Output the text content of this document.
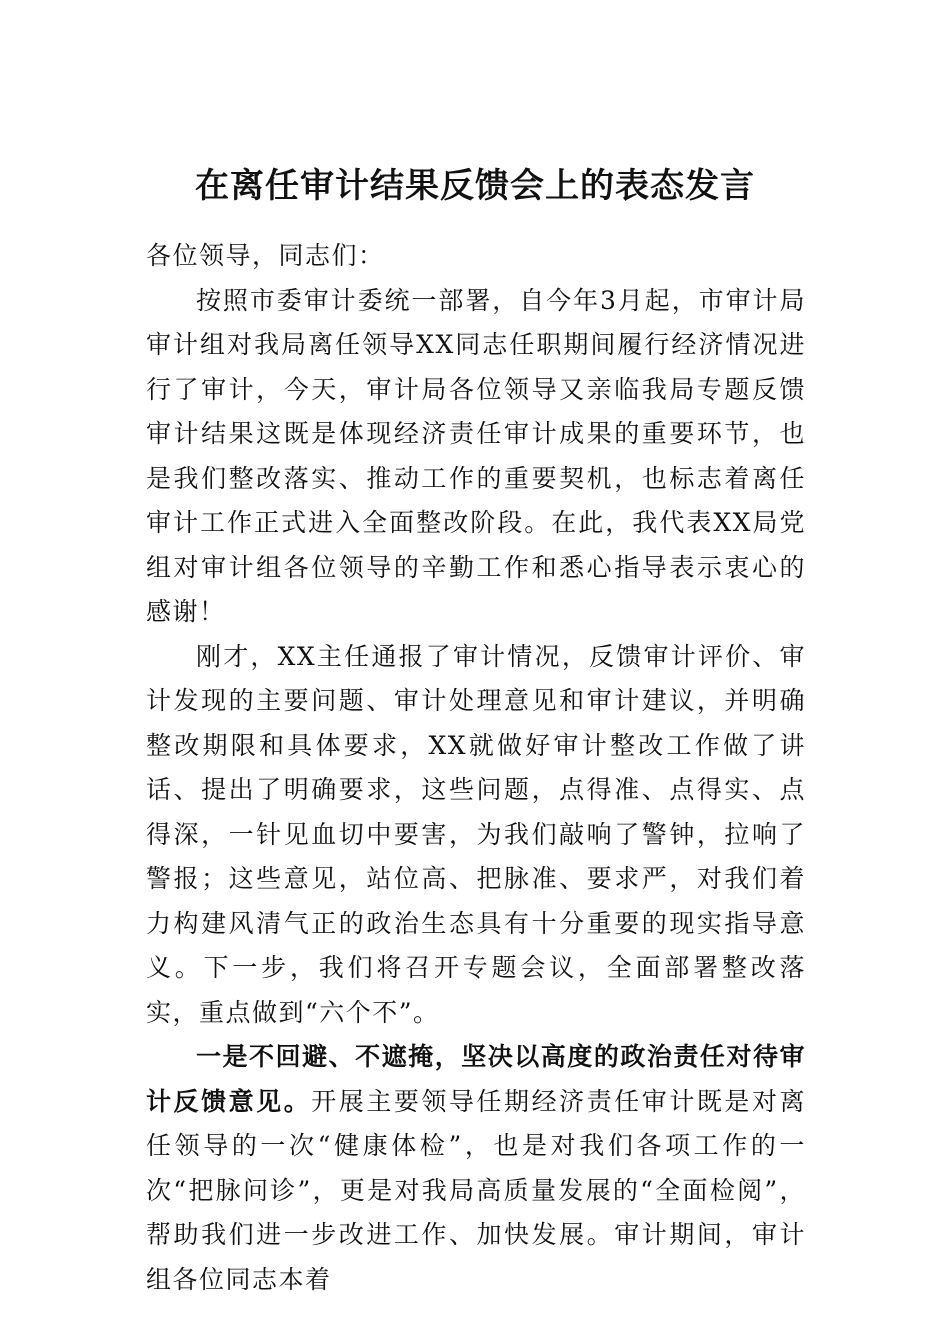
在离任审计结果反馈会上的表态发言

各位领导，同志们：

按照市委审计委统一部署，自今年3月起，市审计局审计组对我局离任领导XX同志任职期间履行经济情况进行了审计，今天，审计局各位领导又亲临我局专题反馈审计结果这既是体现经济责任审计成果的重要环节，也是我们整改落实、推动工作的重要契机，也标志着离任审计工作正式进入全面整改阶段。在此，我代表XX局党组对审计组各位领导的辛勤工作和悉心指导表示衷心的感谢！

刚才，XX主任通报了审计情况，反馈审计评价、审计发现的主要问题、审计处理意见和审计建议，并明确整改期限和具体要求，XX就做好审计整改工作做了讲话、提出了明确要求，这些问题，点得准、点得实、点得深，一针见血切中要害，为我们敲响了警钟，拉响了警报；这些意见，站位高、把脉准、要求严，对我们着力构建风清气正的政治生态具有十分重要的现实指导意义。下一步，我们将召开专题会议，全面部署整改落实，重点做到“六个不”。

一是不回避、不遮掩，坚决以高度的政治责任对待审计反馈意见。开展主要领导任期经济责任审计既是对离任领导的一次“健康体检”，也是对我们各项工作的一次“把脉问诊”，更是对我局高质量发展的“全面检阅”，帮助我们进一步改进工作、加快发展。审计期间，审计组各位同志本着
